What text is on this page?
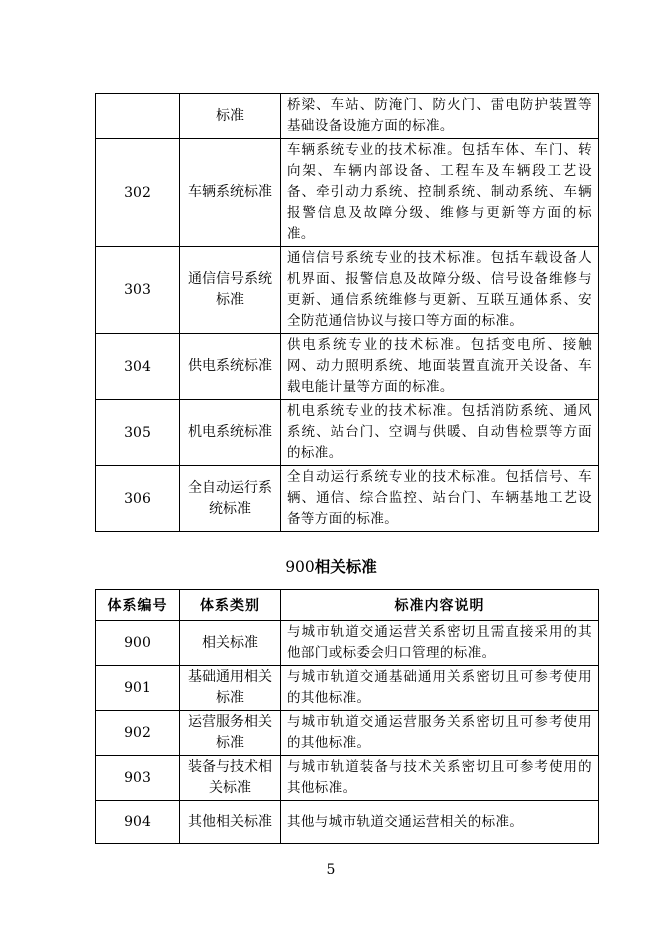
	标准	桥梁、车站、防淹门、防火门、雷电防护装置等基础设备设施方面的标准。
302	车辆系统标准	车辆系统专业的技术标准。包括车体、车门、转向架、车辆内部设备、工程车及车辆段工艺设备、牵引动力系统、控制系统、制动系统、车辆报警信息及故障分级、维修与更新等方面的标准。
303	通信信号系统标准	通信信号系统专业的技术标准。包括车载设备人机界面、报警信息及故障分级、信号设备维修与更新、通信系统维修与更新、互联互通体系、安全防范通信协议与接口等方面的标准。
304	供电系统标准	供电系统专业的技术标准。包括变电所、接触网、动力照明系统、地面装置直流开关设备、车载电能计量等方面的标准。
305	机电系统标准	机电系统专业的技术标准。包括消防系统、通风系统、站台门、空调与供暖、自动售检票等方面的标准。
306	全自动运行系统标准	全自动运行系统专业的技术标准。包括信号、车辆、通信、综合监控、站台门、车辆基地工艺设备等方面的标准。
900相关标准
体系编号	体系类别	标准内容说明
900	相关标准	与城市轨道交通运营关系密切且需直接采用的其他部门或标委会归口管理的标准。
901	基础通用相关标准	与城市轨道交通基础通用关系密切且可参考使用的其他标准。
902	运营服务相关标准	与城市轨道交通运营服务关系密切且可参考使用的其他标准。
903	装备与技术相关标准	与城市轨道装备与技术关系密切且可参考使用的其他标准。
904	其他相关标准	其他与城市轨道交通运营相关的标准。
5
